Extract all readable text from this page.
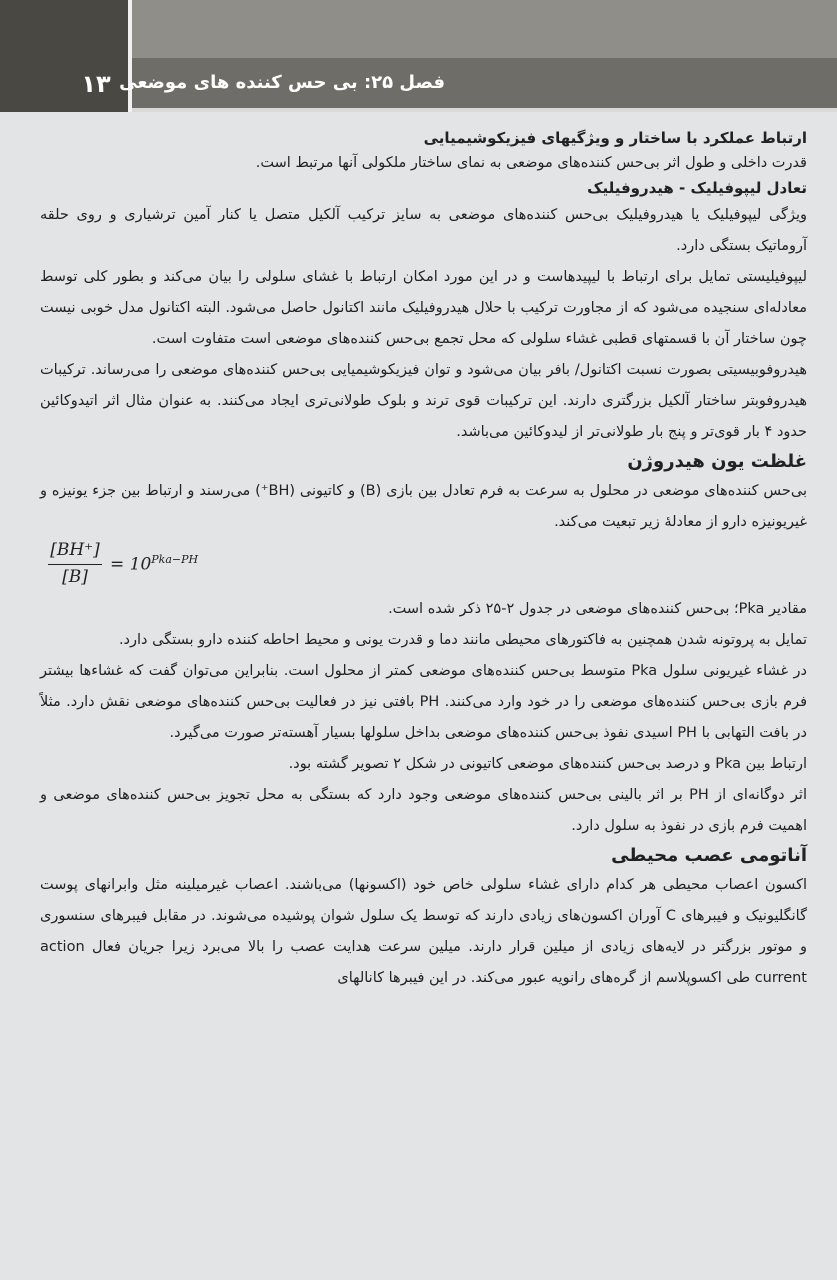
۱۳ فصل ۲۵: بی حس کننده های موضعی
ارتباط عملکرد با ساختار و ویژگیهای فیزیکوشیمیایی

قدرت داخلی و طول اثر بی‌حس کننده‌های موضعی به نمای ساختار ملکولی آنها مرتبط است.

تعادل لیپوفیلیک - هیدروفیلیک

ویژگی لیپوفیلیک یا هیدروفیلیک بی‌حس کننده‌های موضعی به سایز ترکیب آلکیل متصل یا کنار آمین ترشیاری و روی حلقه آروماتیک بستگی دارد.

لیپوفیلیستی تمایل برای ارتباط با لیپیدهاست و در این مورد امکان ارتباط با غشای سلولی را بیان می‌کند و بطور کلی توسط معادله‌ای سنجیده می‌شود که از مجاورت ترکیب با حلال هیدروفیلیک مانند اکتانول حاصل می‌شود. البته اکتانول مدل خوبی نیست چون ساختار آن با قسمتهای قطبی غشاء سلولی که محل تجمع بی‌حس کننده‌های موضعی است متفاوت است.

هیدروفوبیسیتی بصورت نسبت اکتانول/ بافر بیان می‌شود و توان فیزیکوشیمیایی بی‌حس کننده‌های موضعی را می‌رساند. ترکیبات هیدروفوبتر ساختار آلکیل بزرگتری دارند. این ترکیبات قوی ترند و بلوک طولانی‌تری ایجاد می‌کنند. به عنوان مثال اثر اتیدوکائین حدود ۴ بار قوی‌تر و پنج بار طولانی‌تر از لیدوکائین می‌باشد.

غلظت یون هیدروژن

بی‌حس کننده‌های موضعی در محلول به سرعت به فرم تعادل بین بازی (B) و کاتیونی (BH⁺) می‌رسند و ارتباط بین جزء یونیزه و غیریونیزه دارو از معادلهٔ زیر تبعیت می‌کند.

[BH⁺]
[B]
= $10^{Pka-PH}$

مقادیر Pka؛ بی‌حس کننده‌های موضعی در جدول ۲-۲۵ ذکر شده است.

تمایل به پروتونه شدن همچنین به فاکتورهای محیطی مانند دما و قدرت یونی و محیط احاطه کننده دارو بستگی دارد.

در غشاء غیریونی سلول Pka متوسط بی‌حس کننده‌های موضعی کمتر از محلول است. بنابراین می‌توان گفت که غشاءها بیشتر فرم بازی بی‌حس کننده‌های موضعی را در خود وارد می‌کنند. PH بافتی نیز در فعالیت بی‌حس کننده‌های موضعی نقش دارد. مثلاً در بافت التهابی با PH اسیدی نفوذ بی‌حس کننده‌های موضعی بداخل سلولها بسیار آهسته‌تر صورت می‌گیرد.

ارتباط بین Pka و درصد بی‌حس کننده‌های موضعی کاتیونی در شکل ۲ تصویر گشته بود.

اثر دوگانه‌ای از PH بر اثر بالینی بی‌حس کننده‌های موضعی وجود دارد که بستگی به محل تجویز بی‌حس کننده‌های موضعی و اهمیت فرم بازی در نفوذ به سلول دارد.

آناتومی عصب محیطی

اکسون اعصاب محیطی هر کدام دارای غشاء سلولی خاص خود (اکسونها) می‌باشند. اعصاب غیرمیلینه مثل وابرانهای پوست گانگلیونیک و فیبرهای C آوران اکسون‌های زیادی دارند که توسط یک سلول شوان پوشیده می‌شوند. در مقابل فیبرهای سنسوری و موتور بزرگتر در لایه‌های زیادی از میلین قرار دارند. میلین سرعت هدایت عصب را بالا می‌برد زیرا جریان فعال action current طی اکسوپلاسم از گره‌های رانویه عبور می‌کند. در این فیبرها کانالهای
